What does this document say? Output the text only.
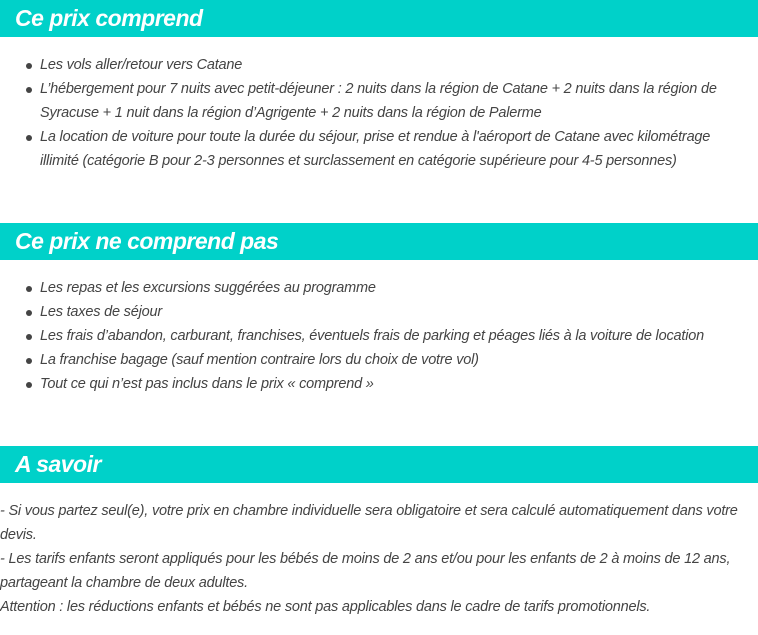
Ce prix comprend
Les vols aller/retour vers Catane
L’hébergement pour 7 nuits avec petit-déjeuner : 2 nuits dans la région de Catane + 2 nuits dans la région de Syracuse + 1 nuit dans la région d’Agrigente + 2 nuits dans la région de Palerme
La location de voiture pour toute la durée du séjour, prise et rendue à l'aéroport de Catane avec kilométrage illimité (catégorie B pour 2-3 personnes et surclassement en catégorie supérieure pour 4-5 personnes)
Ce prix ne comprend pas
Les repas et les excursions suggérées au programme
Les taxes de séjour
Les frais d’abandon, carburant, franchises, éventuels frais de parking et péages liés à la voiture de location
La franchise bagage (sauf mention contraire lors du choix de votre vol)
Tout ce qui n’est pas inclus dans le prix « comprend »
A savoir

- Si vous partez seul(e), votre prix en chambre individuelle sera obligatoire et sera calculé automatiquement dans votre devis.

- Les tarifs enfants seront appliqués pour les bébés de moins de 2 ans et/ou pour les enfants de 2 à moins de 12 ans, partageant la chambre de deux adultes.

Attention : les réductions enfants et bébés ne sont pas applicables dans le cadre de tarifs promotionnels.
